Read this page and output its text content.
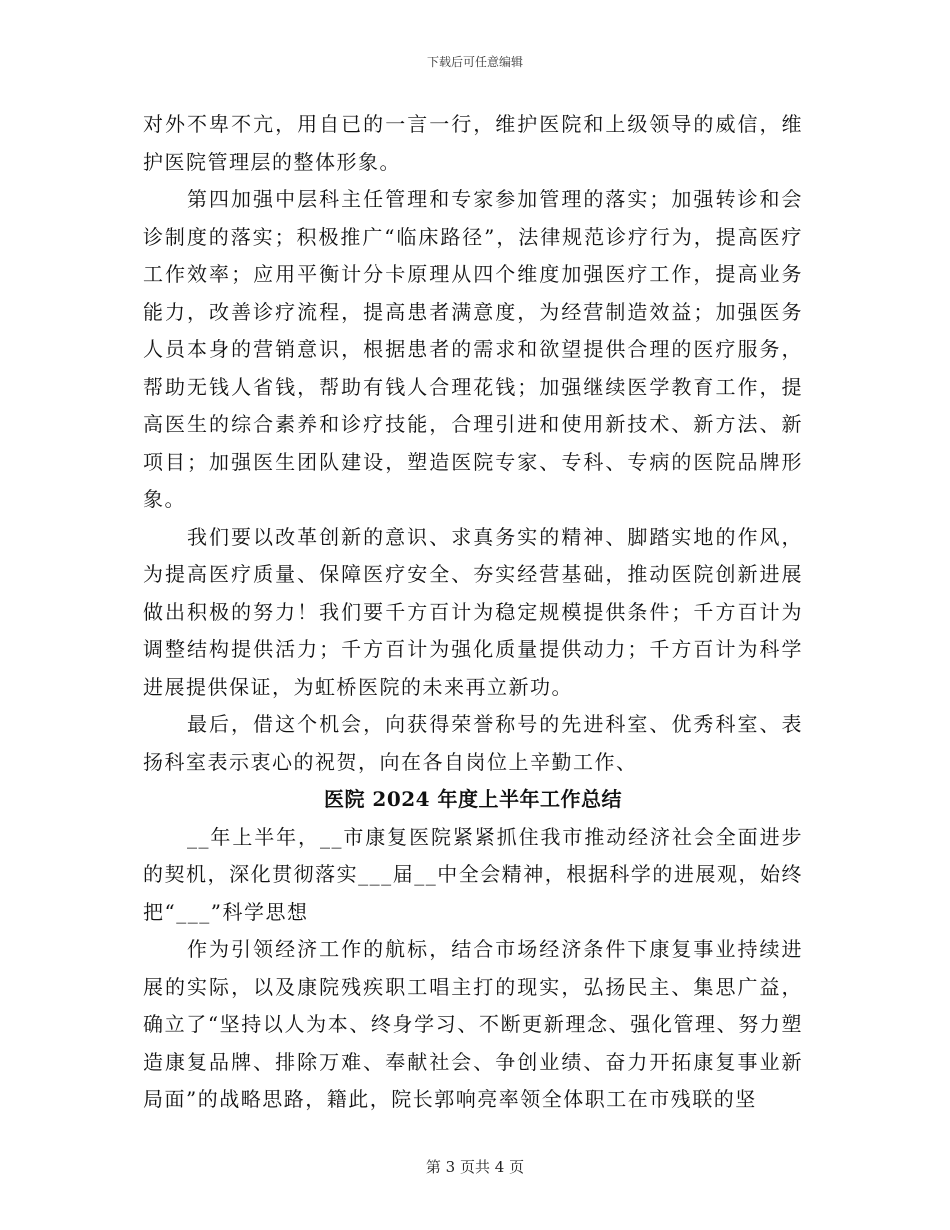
下载后可任意编辑

对外不卑不亢，用自已的一言一行，维护医院和上级领导的威信，维护医院管理层的整体形象。

第四加强中层科主任管理和专家参加管理的落实；加强转诊和会诊制度的落实；积极推广“临床路径”，法律规范诊疗行为，提高医疗工作效率；应用平衡计分卡原理从四个维度加强医疗工作，提高业务能力，改善诊疗流程，提高患者满意度，为经营制造效益；加强医务人员本身的营销意识，根据患者的需求和欲望提供合理的医疗服务，帮助无钱人省钱，帮助有钱人合理花钱；加强继续医学教育工作，提高医生的综合素养和诊疗技能，合理引进和使用新技术、新方法、新项目；加强医生团队建设，塑造医院专家、专科、专病的医院品牌形象。

我们要以改革创新的意识、求真务实的精神、脚踏实地的作风，为提高医疗质量、保障医疗安全、夯实经营基础，推动医院创新进展做出积极的努力！我们要千方百计为稳定规模提供条件；千方百计为调整结构提供活力；千方百计为强化质量提供动力；千方百计为科学进展提供保证，为虹桥医院的未来再立新功。

最后，借这个机会，向获得荣誉称号的先进科室、优秀科室、表扬科室表示衷心的祝贺，向在各自岗位上辛勤工作、

医院 2024 年度上半年工作总结

__年上半年，__市康复医院紧紧抓住我市推动经济社会全面进步的契机，深化贯彻落实___届__中全会精神，根据科学的进展观，始终把“___”科学思想

作为引领经济工作的航标，结合市场经济条件下康复事业持续进展的实际，以及康院残疾职工唱主打的现实，弘扬民主、集思广益，确立了“坚持以人为本、终身学习、不断更新理念、强化管理、努力塑造康复品牌、排除万难、奉献社会、争创业绩、奋力开拓康复事业新局面”的战略思路，籍此，院长郭响亮率领全体职工在市残联的坚

第 3 页共 4 页
